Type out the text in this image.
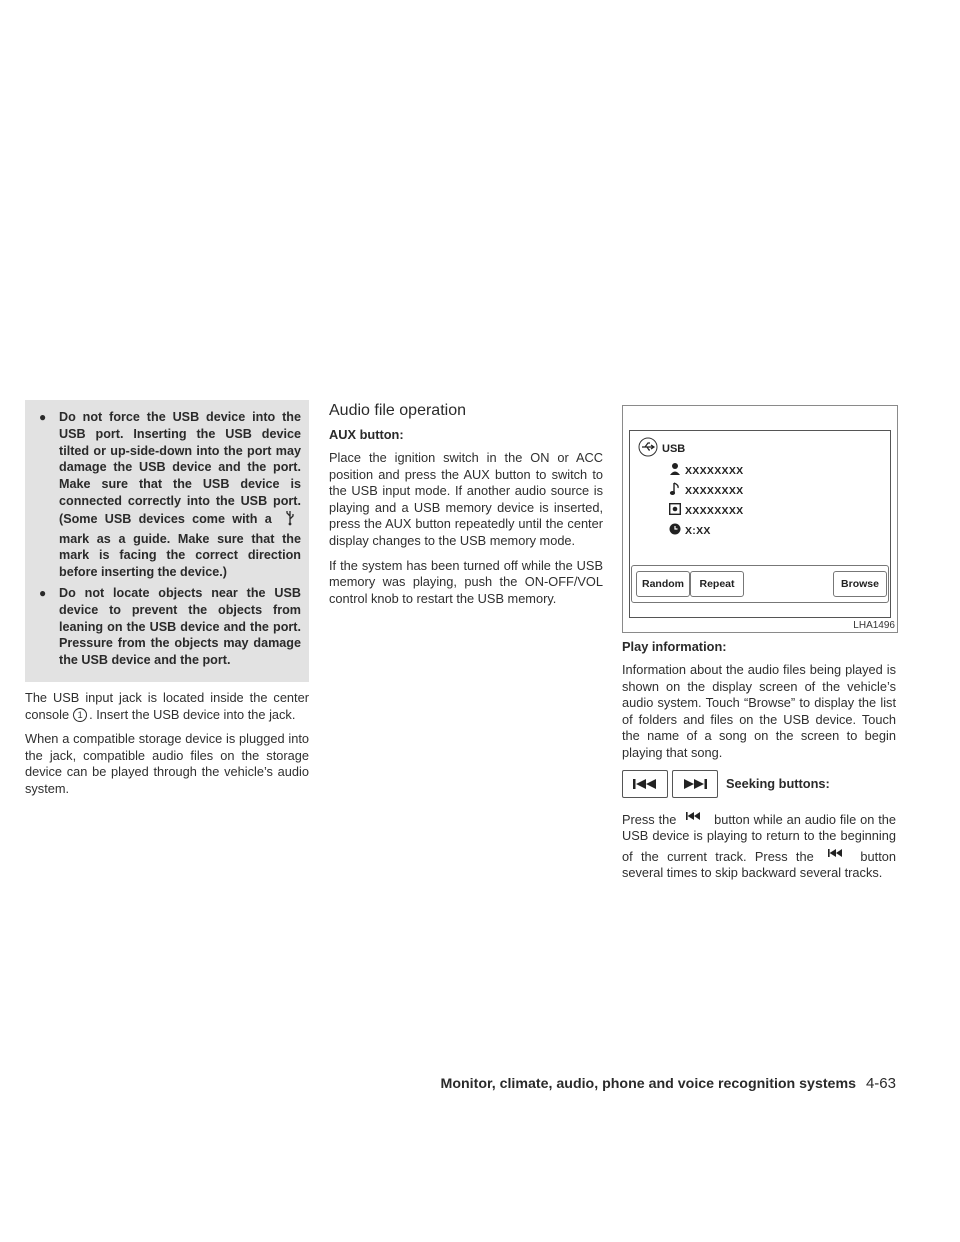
● Do not force the USB device into the USB port. Inserting the USB device tilted or up-side-down into the port may damage the USB device and the port. Make sure that the USB device is connected correctly into the USB port. (Some USB devices come with a  mark as a guide. Make sure that the mark is facing the correct direction before inserting the device.)
● Do not locate objects near the USB device to prevent the objects from leaning on the USB device and the port. Pressure from the objects may damage the USB device and the port.

The USB input jack is located inside the center console 1 . Insert the USB device into the jack.

When a compatible storage device is plugged into the jack, compatible audio files on the storage device can be played through the vehicle’s audio system.

Audio file operation
AUX button:

Place the ignition switch in the ON or ACC position and press the AUX button to switch to the USB input mode. If another audio source is playing and a USB memory device is inserted, press the AUX button repeatedly until the center display changes to the USB memory mode.

If the system has been turned off while the USB memory was playing, push the ON-OFF/VOL control knob to restart the USB memory.

USB
XXXXXXXX
XXXXXXXX
XXXXXXXX
X:XX
Random	Repeat	Browse
LHA1496
Play information:

Information about the audio files being played is shown on the display screen of the vehicle’s audio system. Touch “Browse” to display the list of folders and files on the USB device. Touch the name of a song on the screen to begin playing that song.

Seeking buttons:

Press the	button while an audio file on the USB device is playing to return to the beginning of the current track. Press the	button several times to skip backward several tracks.

Monitor, climate, audio, phone and voice recognition systems 4-63
